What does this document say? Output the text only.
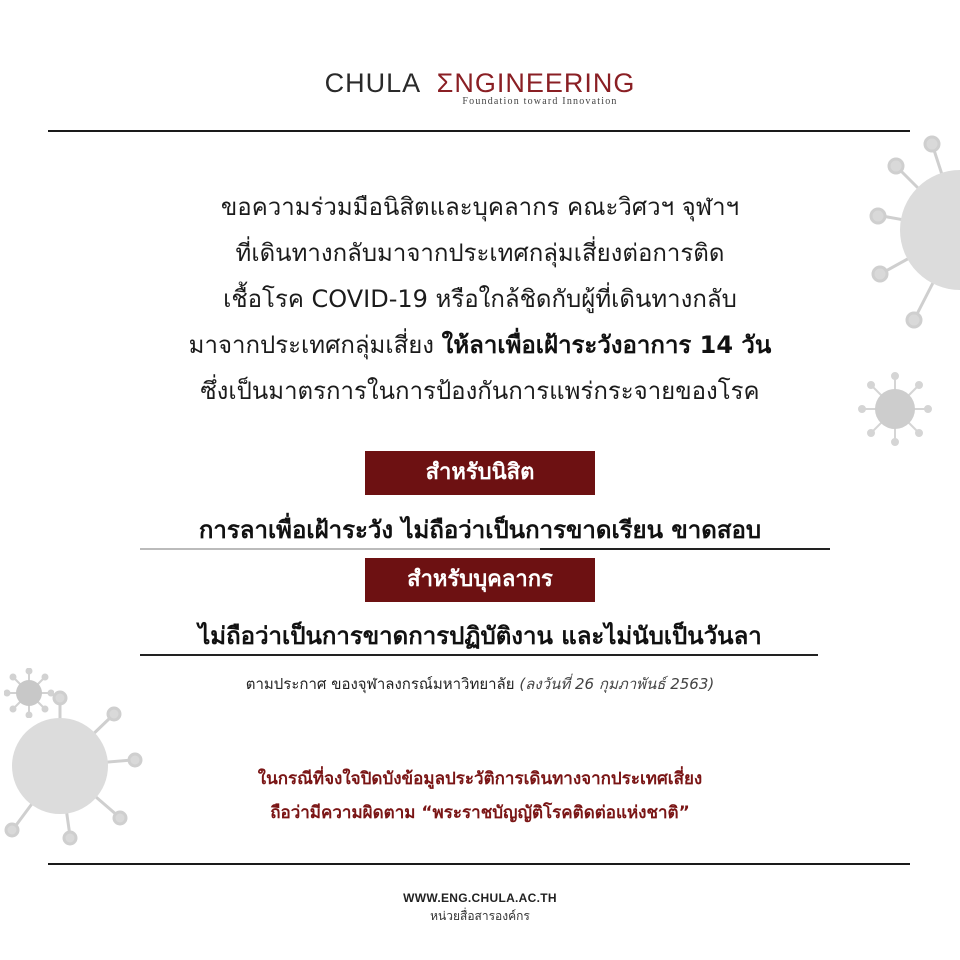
CHULA ΣNGINEERING
Foundation toward Innovation
ขอความร่วมมือนิสิตและบุคลากร คณะวิศวฯ จุฬาฯ
ที่เดินทางกลับมาจากประเทศกลุ่มเสี่ยงต่อการติด
เชื้อโรค COVID-19 หรือใกล้ชิดกับผู้ที่เดินทางกลับ
มาจากประเทศกลุ่มเสี่ยง ให้ลาเพื่อเฝ้าระวังอาการ 14 วัน
ซึ่งเป็นมาตรการในการป้องกันการแพร่กระจายของโรค
สำหรับนิสิต
การลาเพื่อเฝ้าระวัง ไม่ถือว่าเป็นการขาดเรียน ขาดสอบ
สำหรับบุคลากร
ไม่ถือว่าเป็นการขาดการปฏิบัติงาน และไม่นับเป็นวันลา
ตามประกาศ ของจุฬาลงกรณ์มหาวิทยาลัย (ลงวันที่ 26 กุมภาพันธ์ 2563)
ในกรณีที่จงใจปิดบังข้อมูลประวัติการเดินทางจากประเทศเสี่ยง
ถือว่ามีความผิดตาม “พระราชบัญญัติโรคติดต่อแห่งชาติ”
WWW.ENG.CHULA.AC.TH
หน่วยสื่อสารองค์กร
